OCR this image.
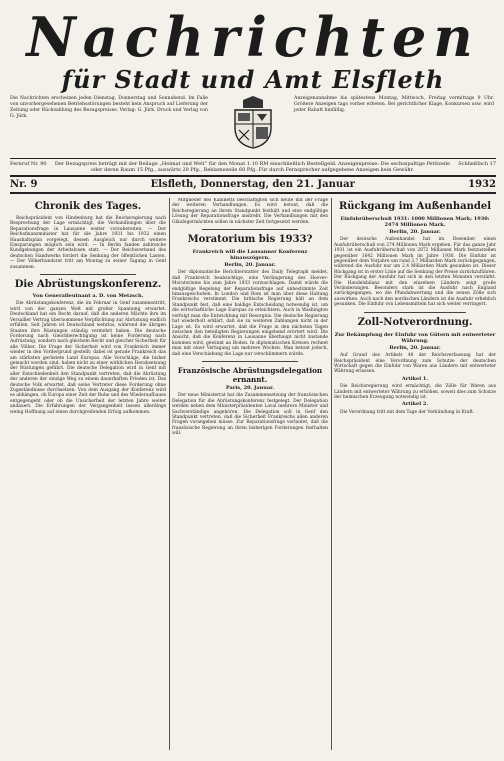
Nachrichten
für Stadt und Amt Elsfleth
Die Nachrichten erscheinen jeden Dienstag, Donnerstag und Sonnabend. Im Falle von unvorhergesehenen Betriebsstörungen besteht kein Anspruch auf Lieferung der Zeitung oder Rückzahlung des Bezugspreises. Verlag: G. Jürk. Druck und Verlag von G. Jürk.
Anzeigenannahme bis spätestens Montag, Mittwoch, Freitag vormittags 9 Uhr. Größere Anzeigen tags vorher erbeten. Bei gerichtlicher Klage, Konkursen usw. wird jeder Rabatt hinfällig.
Fernruf Nr. 90	Der Bezugspreis beträgt mit der Beilage „Heimat und Welt“ für den Monat 1.10 RM einschließlich Bestellgeld. Anzeigenpreise: Die sechsspaltige Petitzeile oder deren Raum 15 Pfg., auswärts 20 Pfg., Reklamezeile 60 Pfg. Für durch Fernsprecher aufgegebene Anzeigen kein Gewähr.
Schließfach 17
Nr. 9	Elsfleth, Donnerstag, den 21. Januar	1932
Chronik des Tages.

Reichspräsident von Hindenburg hat die Reichsregierung nach Besprechung der Lage ermächtigt, die Verhandlungen über die Reparationsfrage in Lausanne weiter vorzubereiten. — Der Reichsfinanzminister hat für die Jahre 1931 bis 1932 einen Haushaltsplan vorgelegt, dessen Ausgleich nur durch weitere Einsparungen möglich sein wird. — In Berlin fanden zahlreiche Kundgebungen der Arbeitslosen statt. — Der Reichsverband des deutschen Handwerks fordert die Senkung der öffentlichen Lasten. — Der Völkerbundsrat tritt am Montag zu seiner Tagung in Genf zusammen.

Die Abrüstungskonferenz.
Von Generalleutnant a. D. von Metzsch.

Die Abrüstungskonferenz, die im Februar in Genf zusammentritt, wird von der ganzen Welt mit großer Spannung erwartet. Deutschland hat ein Recht darauf, daß die anderen Mächte ihre im Versailler Vertrag übernommene Verpflichtung zur Abrüstung endlich erfüllen. Seit Jahren ist Deutschland wehrlos, während die übrigen Staaten ihre Rüstungen ständig vermehrt haben. Die deutsche Forderung nach Gleichberechtigung ist keine Forderung nach Aufrüstung, sondern nach gleichem Recht und gleicher Sicherheit für alle Völker. Die Frage der Sicherheit wird von Frankreich immer wieder in den Vordergrund gestellt; dabei ist gerade Frankreich das am stärksten gerüstete Land Europas. Alle Vorschläge, die bisher gemacht worden sind, haben nicht zu einer wirklichen Herabsetzung der Rüstungen geführt. Die deutsche Delegation wird in Genf mit aller Entschiedenheit den Standpunkt vertreten, daß die Abrüstung der anderen der einzige Weg zu einem dauerhaften Frieden ist. Das deutsche Volk erwartet, daß seine Vertreter diese Forderung ohne Zugeständnisse durchsetzen. Von dem Ausgang der Konferenz wird es abhängen, ob Europa einer Zeit der Ruhe und des Wiederaufbaues entgegengeht oder ob die Unsicherheit der letzten Jahre weiter andauert. Die Erfahrungen der Vergangenheit lassen allerdings wenig Hoffnung auf einen durchgreifenden Erfolg aufkommen.

Mitglieder des Kabinetts beschäftigten sich heute mit der Frage der weiteren Verhandlungen. Es wird betont, daß die Reichsregierung an ihrem Standpunkt festhält und eine endgültige Lösung der Reparationsfrage anstrebt. Die Verhandlungen mit den Gläubigermächten sollen in nächster Zeit fortgesetzt werden.

Moratorium bis 1933?
Frankreich will die Lausanner Konferenz hinauszögern.
Berlin, 20. Januar.

Der diplomatische Berichterstatter des Daily Telegraph meldet, daß Frankreich beabsichtige, eine Verlängerung des Hoover-Moratoriums bis zum Jahre 1933 vorzuschlagen. Damit würde die endgültige Regelung der Reparationsfrage auf unbestimmte Zeit hinausgeschoben. In London und Rom ist man über diese Haltung Frankreichs verstimmt. Die britische Regierung hält an dem Standpunkt fest, daß eine baldige Entscheidung notwendig ist, um die wirtschaftliche Lage Europas zu erleichtern. Auch in Washington verfolgt man die Entwicklung mit Besorgnis. Die deutsche Regierung hat wiederholt erklärt, daß sie zu weiteren Zahlungen nicht in der Lage ist. Es wird erwartet, daß die Frage in den nächsten Tagen zwischen den beteiligten Regierungen eingehend erörtert wird. Die Ansicht, daß die Konferenz in Lausanne überhaupt nicht zustande kommen wird, gewinnt an Boden. In diplomatischen Kreisen rechnet man mit einer Vertagung um mehrere Wochen. Man betont jedoch, daß eine Verschiebung die Lage nur verschlimmern würde.

Französische Abrüstungsdelegation ernannt.
Paris, 20. Januar.

Der neue Ministerrat hat die Zusammensetzung der französischen Delegation für die Abrüstungskonferenz festgelegt. Der Delegation werden neben dem Ministerpräsidenten Laval mehrere Minister und Sachverständige angehören. Die Delegation soll in Genf den Standpunkt vertreten, daß die Sicherheit Frankreichs allen anderen Fragen vorangehen müsse. Zur Reparationsfrage verlautet, daß die französische Regierung an ihren bisherigen Forderungen festhalten will.

Rückgang im Außenhandel
Einfuhrüberschuß 1931: 1000 Millionen Mark; 1930: 2474 Millionen Mark.
Berlin, 20. Januar.

Der deutsche Außenhandel hat im Dezember einen Ausfuhrüberschuß von 274 Millionen Mark ergeben. Für das ganze Jahr 1931 ist ein Ausfuhrüberschuß von 2872 Millionen Mark festzustellen gegenüber 1642 Millionen Mark im Jahre 1930. Die Einfuhr ist gegenüber dem Vorjahre um rund 3,7 Milliarden Mark zurückgegangen, während die Ausfuhr nur um 2,4 Milliarden Mark gesunken ist. Dieser Rückgang ist in erster Linie auf die Senkung der Preise zurückzuführen. Der Rückgang der Ausfuhr hat sich in den letzten Monaten verstärkt. Die Handelsbilanz mit den einzelnen Ländern zeigt große Veränderungen. Besonders stark ist die Ausfuhr nach England zurückgegangen, wo die Pfundabwertung und die neuen Zölle sich auswirken. Auch nach den nordischen Ländern ist die Ausfuhr erheblich gesunken. Die Einfuhr von Lebensmitteln hat sich weiter verringert.

Zoll-Notverordnung.
Zur Bekämpfung der Einfuhr von Gütern mit entwerteter Währung.
Berlin, 20. Januar.

Auf Grund des Artikels 48 der Reichsverfassung hat der Reichspräsident eine Verordnung zum Schutze der deutschen Wirtschaft gegen die Einfuhr von Waren aus Ländern mit entwerteter Währung erlassen.

Artikel 1.

Die Reichsregierung wird ermächtigt, die Zölle für Waren aus Ländern mit entwerteter Währung zu erhöhen, soweit dies zum Schutze der heimischen Erzeugung notwendig ist.

Artikel 2.

Die Verordnung tritt mit dem Tage der Verkündung in Kraft.
